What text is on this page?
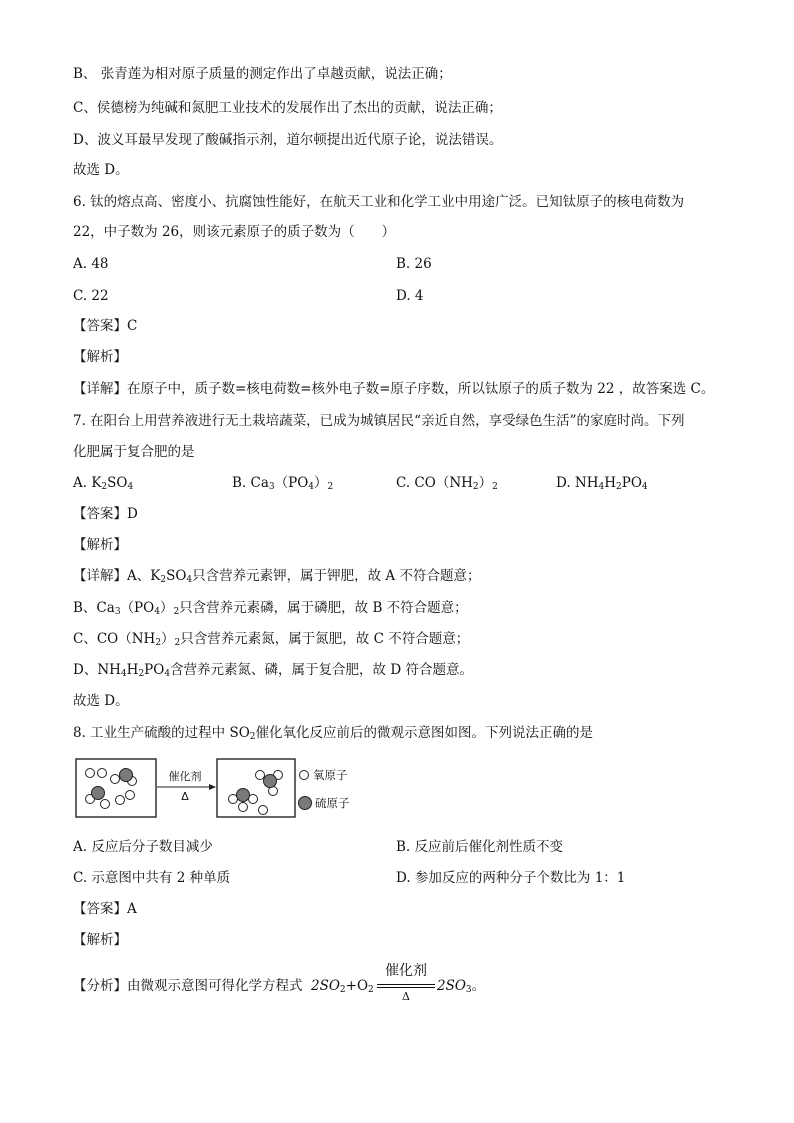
B、 张青莲为相对原子质量的测定作出了卓越贡献，说法正确；
C、侯德榜为纯碱和氮肥工业技术的发展作出了杰出的贡献，说法正确；
D、波义耳最早发现了酸碱指示剂，道尔顿提出近代原子论，说法错误。
故选 D。
6. 钛的熔点高、密度小、抗腐蚀性能好，在航天工业和化学工业中用途广泛。已知钛原子的核电荷数为
22，中子数为 26，则该元素原子的质子数为（　　）
A. 48	B. 26
C. 22	D. 4
【答案】C
【解析】
【详解】在原子中，质子数=核电荷数=核外电子数=原子序数，所以钛原子的质子数为 22 ，故答案选 C。
7. 在阳台上用营养液进行无土栽培蔬菜，已成为城镇居民“亲近自然，享受绿色生活”的家庭时尚。下列
化肥属于复合肥的是
A. $K_2SO_4$	B. $Ca_3(PO_4)_2$	C. $CO(NH_2)_2$	D. $NH_4H_2PO_4$
【答案】D
【解析】
【详解】A、$K_2SO_4$只含营养元素钾，属于钾肥，故 A 不符合题意；
B、$Ca_3(PO_4)_2$只含营养元素磷，属于磷肥，故 B 不符合题意；
C、$CO(NH_2)_2$只含营养元素氮，属于氮肥，故 C 不符合题意；
D、$NH_4H_2PO_4$含营养元素氮、磷，属于复合肥，故 D 符合题意。
故选 D。
8. 工业生产硫酸的过程中 $SO_2$催化氧化反应前后的微观示意图如图。下列说法正确的是
催化剂
Δ
氧原子
硫原子
A. 反应后分子数目减少	B. 反应前后催化剂性质不变
C. 示意图中共有 2 种单质	D. 参加反应的两种分子个数比为 1：1
【答案】A
【解析】
【分析】由微观示意图可得化学方程式 $2SO_2+O_2$
催化剂
Δ
$2SO_3$。
